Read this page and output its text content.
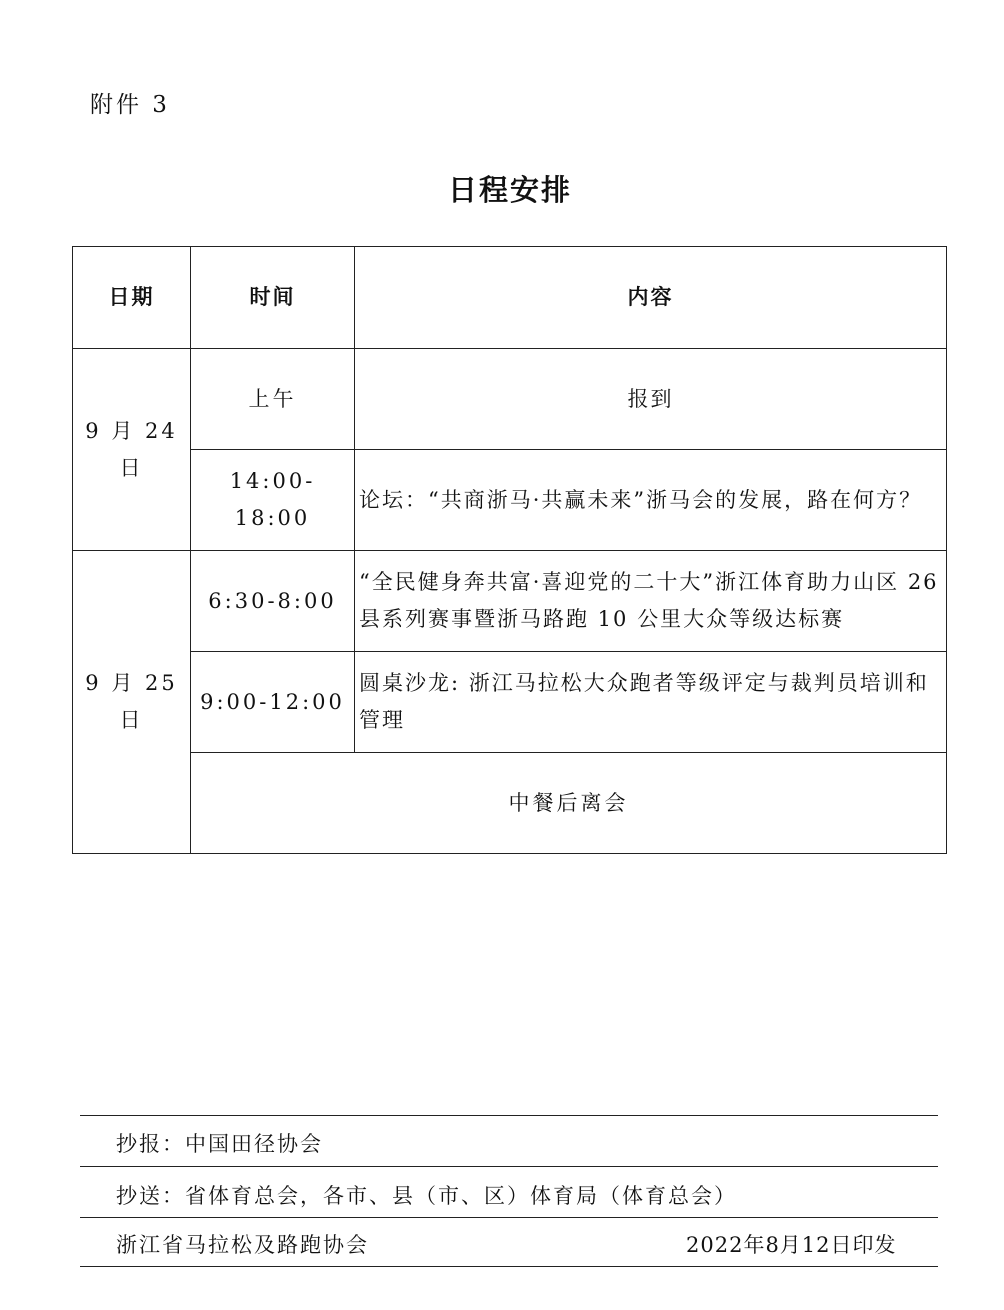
附件 3
日程安排
日期	时间	内容
9 月 24 日	上午	报到
	14:00-18:00	论坛：“共商浙马·共赢未来”浙马会的发展，路在何方？
9 月 25 日	6:30-8:00	“全民健身奔共富·喜迎党的二十大”浙江体育助力山区 26 县系列赛事暨浙马路跑 10 公里大众等级达标赛
	9:00-12:00	圆桌沙龙: 浙江马拉松大众跑者等级评定与裁判员培训和管理
	中餐后离会	
抄报：中国田径协会
抄送：省体育总会，各市、县（市、区）体育局（体育总会）
浙江省马拉松及路跑协会	2022年8月12日印发
